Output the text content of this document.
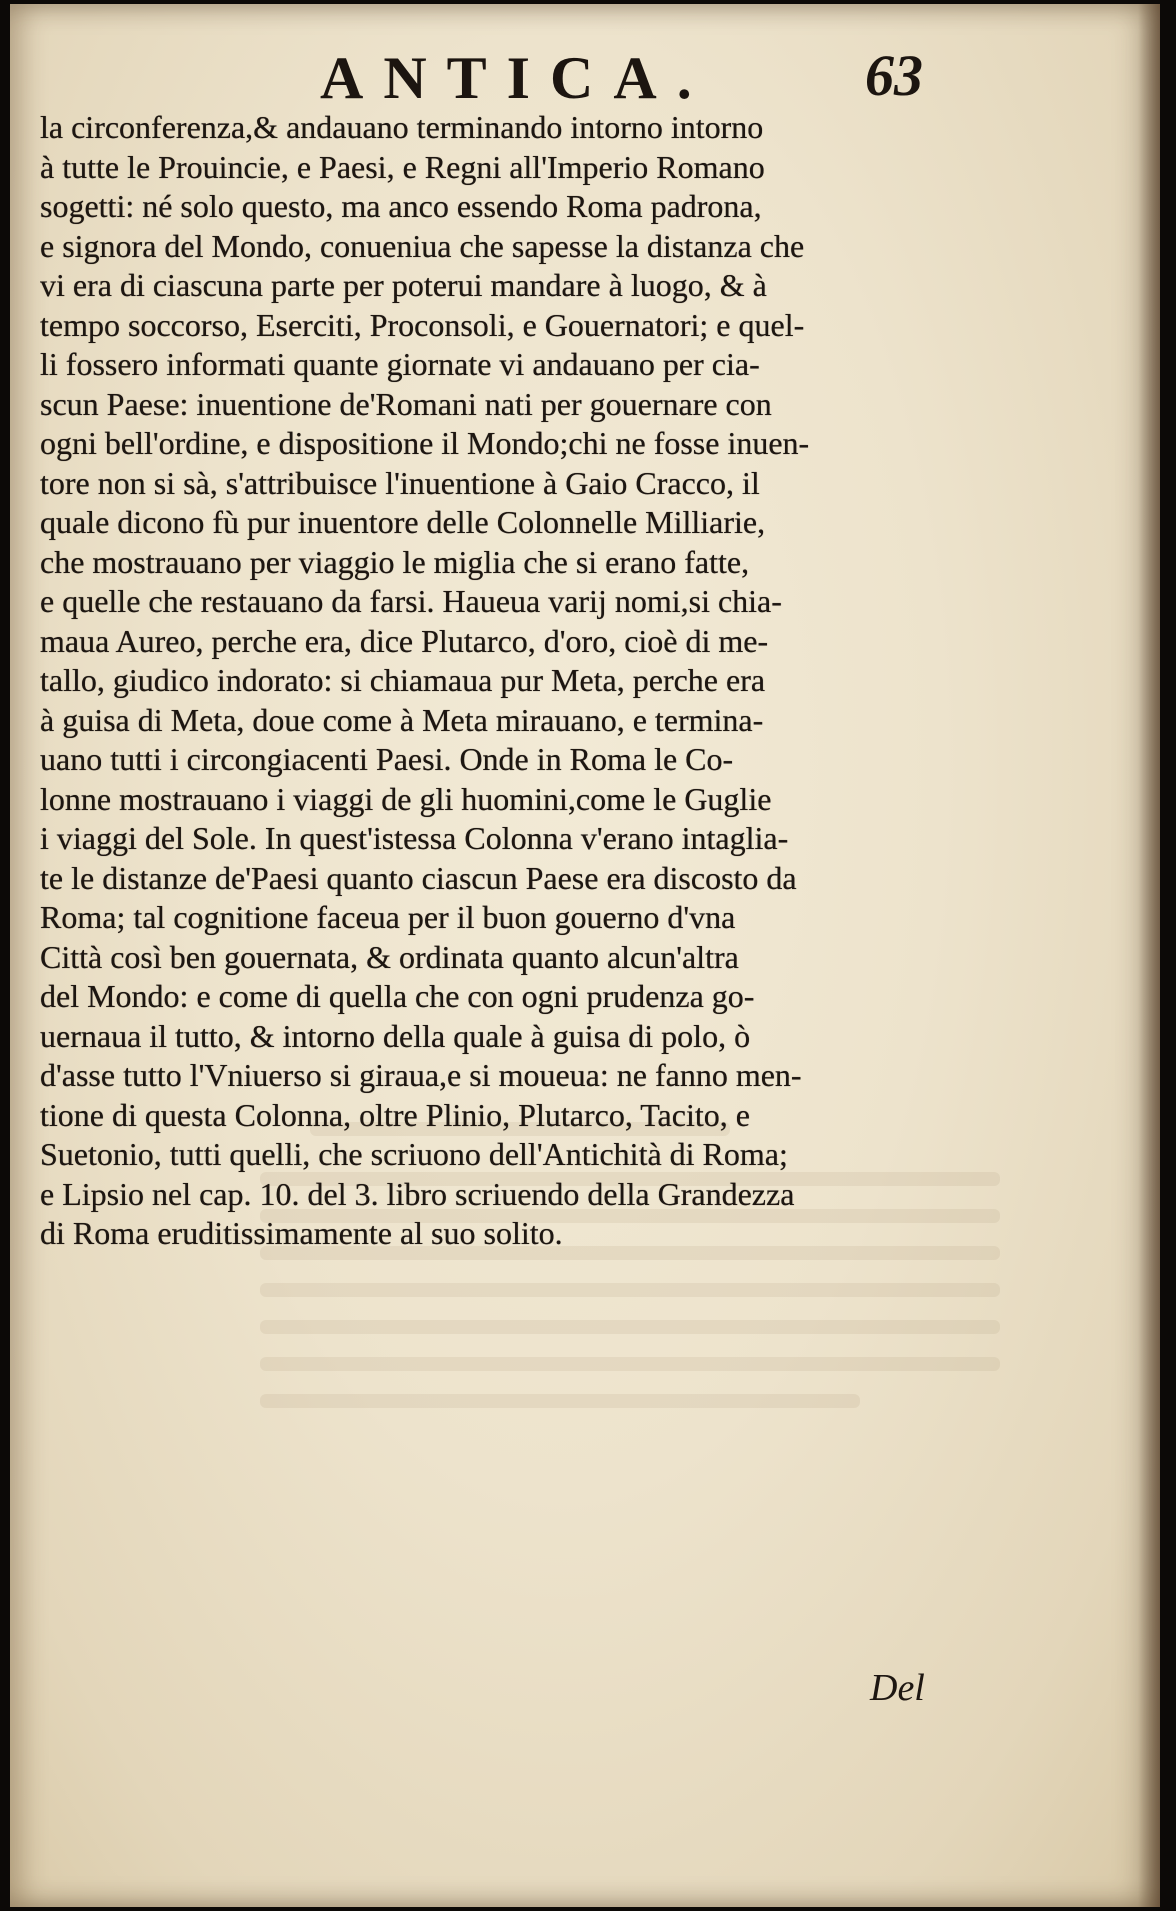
ANTICA.	63
la circonferenza,& andauano terminando intorno intorno
à tutte le Prouincie, e Paesi, e Regni all'Imperio Romano
sogetti: né solo questo, ma anco essendo Roma padrona,
e signora del Mondo, conueniua che sapesse la distanza che
vi era di ciascuna parte per poterui mandare à luogo, & à
tempo soccorso, Eserciti, Proconsoli, e Gouernatori; e quel-
li fossero informati quante giornate vi andauano per cia-
scun Paese: inuentione de'Romani nati per gouernare con
ogni bell'ordine, e dispositione il Mondo;chi ne fosse inuen-
tore non si sà, s'attribuisce l'inuentione à Gaio Cracco, il
quale dicono fù pur inuentore delle Colonnelle Milliarie,
che mostrauano per viaggio le miglia che si erano fatte,
e quelle che restauano da farsi. Haueua varij nomi,si chia-
maua Aureo, perche era, dice Plutarco, d'oro, cioè di me-
tallo, giudico indorato: si chiamaua pur Meta, perche era
à guisa di Meta, doue come à Meta mirauano, e termina-
uano tutti i circongiacenti Paesi. Onde in Roma le Co-
lonne mostrauano i viaggi de gli huomini,come le Guglie
i viaggi del Sole. In quest'istessa Colonna v'erano intaglia-
te le distanze de'Paesi quanto ciascun Paese era discosto da
Roma; tal cognitione faceua per il buon gouerno d'vna
Città così ben gouernata, & ordinata quanto alcun'altra
del Mondo: e come di quella che con ogni prudenza go-
uernaua il tutto, & intorno della quale à guisa di polo, ò
d'asse tutto l'Vniuerso si giraua,e si moueua: ne fanno men-
tione di questa Colonna, oltre Plinio, Plutarco, Tacito, e
Suetonio, tutti quelli, che scriuono dell'Antichità di Roma;
e Lipsio nel cap. 10. del 3. libro scriuendo della Grandezza
di Roma eruditissimamente al suo solito.
Del
